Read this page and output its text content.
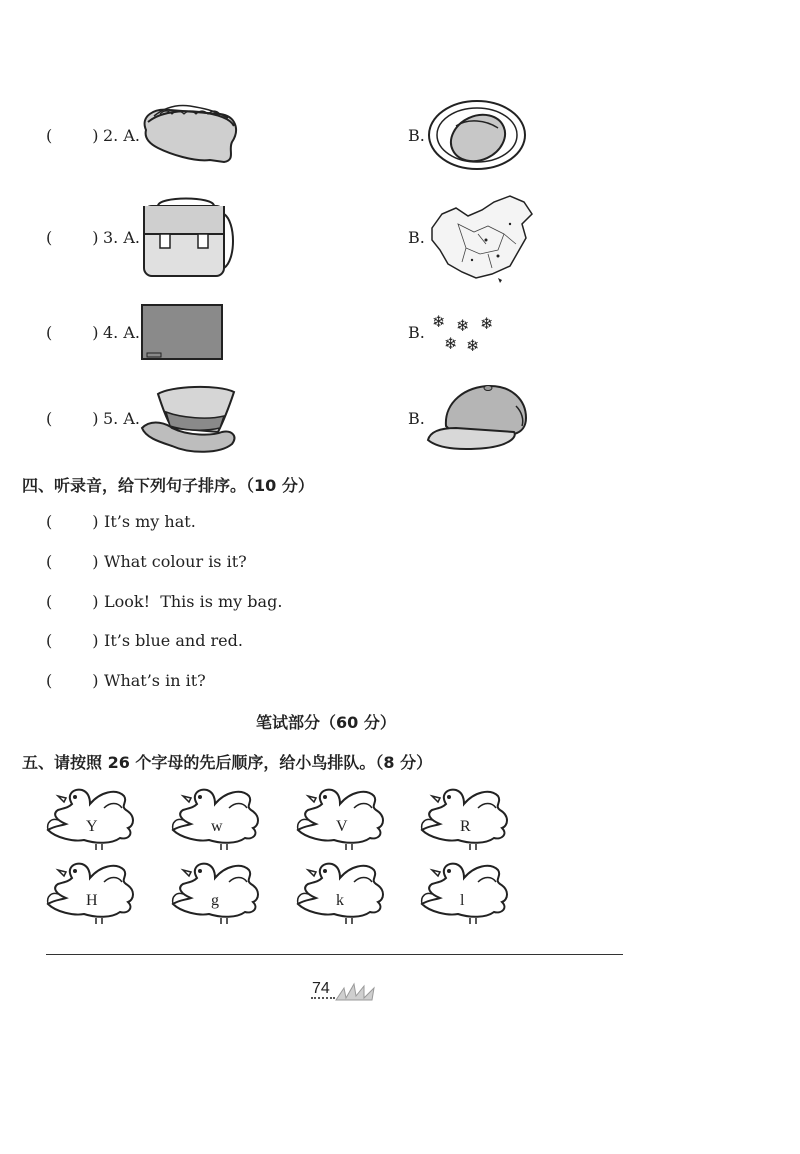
(	) 2. A.	B.
(	) 3. A.	B.
(	) 4. A.	B.
❄ ❄ ❄
❄ ❄
(	) 5. A.	B.
四、听录音，给下列句子排序。（10 分）
(	) It’s my hat.
(	) What colour is it?
(	) Look!  This is my bag.
(	) It’s blue and red.
(	) What’s in it?
笔试部分（60 分）
五、请按照 26 个字母的先后顺序，给小鸟排队。（8 分）
Y	w	V	R
H	g	k	l
74
